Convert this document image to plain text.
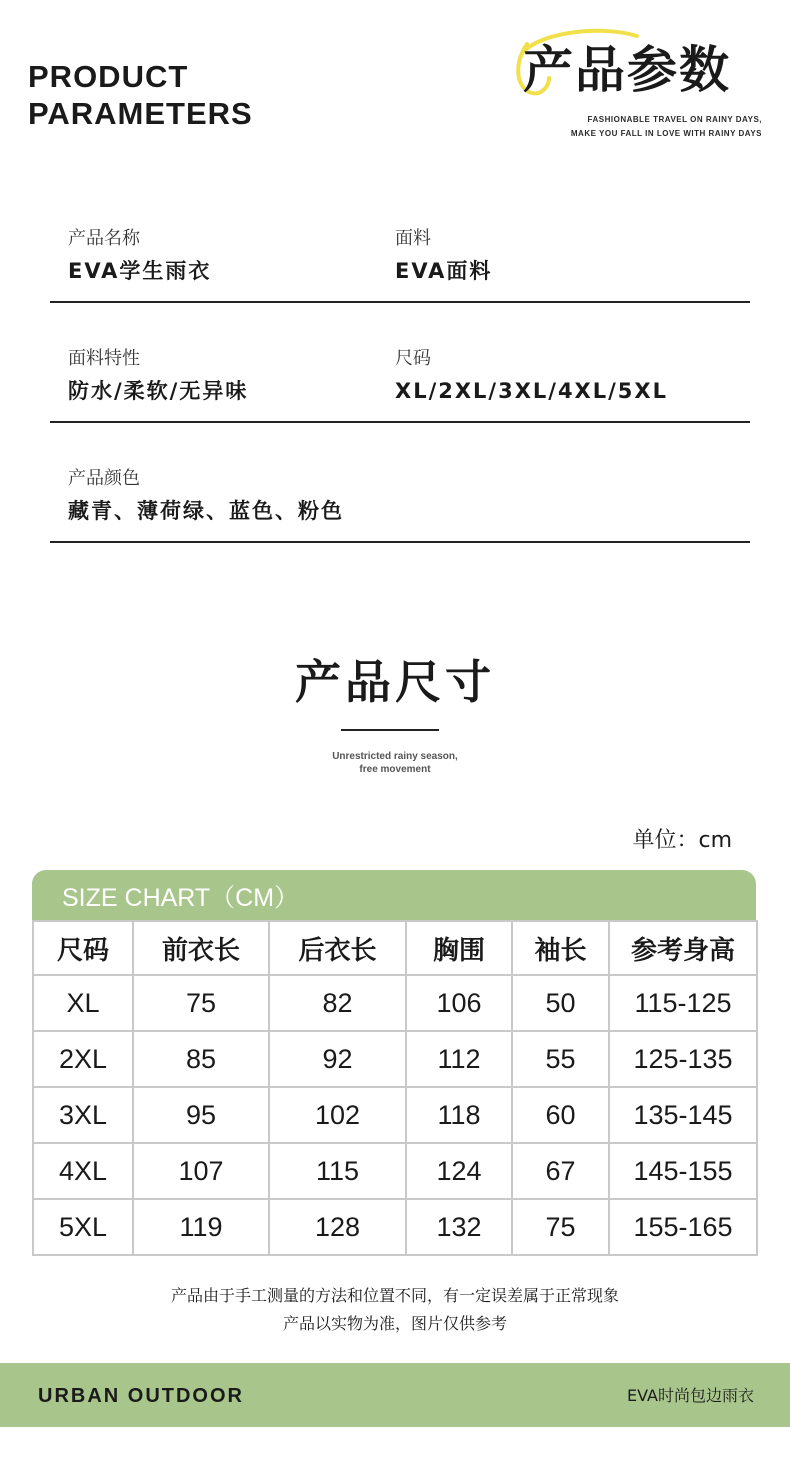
PRODUCT
PARAMETERS
产品参数
FASHIONABLE TRAVEL ON RAINY DAYS,
MAKE YOU FALL IN LOVE WITH RAINY DAYS
产品名称
EVA学生雨衣
面料
EVA面料
面料特性
防水/柔软/无异味
尺码
XL/2XL/3XL/4XL/5XL
产品颜色
藏青、薄荷绿、蓝色、粉色
产品尺寸
Unrestricted rainy season,
free movement
单位：cm
SIZE CHART（CM）
尺码	前衣长	后衣长	胸围	袖长	参考身高
XL	75	82	106	50	115-125
2XL	85	92	112	55	125-135
3XL	95	102	118	60	135-145
4XL	107	115	124	67	145-155
5XL	119	128	132	75	155-165
产品由于手工测量的方法和位置不同，有一定误差属于正常现象
产品以实物为准，图片仅供参考
URBAN OUTDOOR	EVA时尚包边雨衣
